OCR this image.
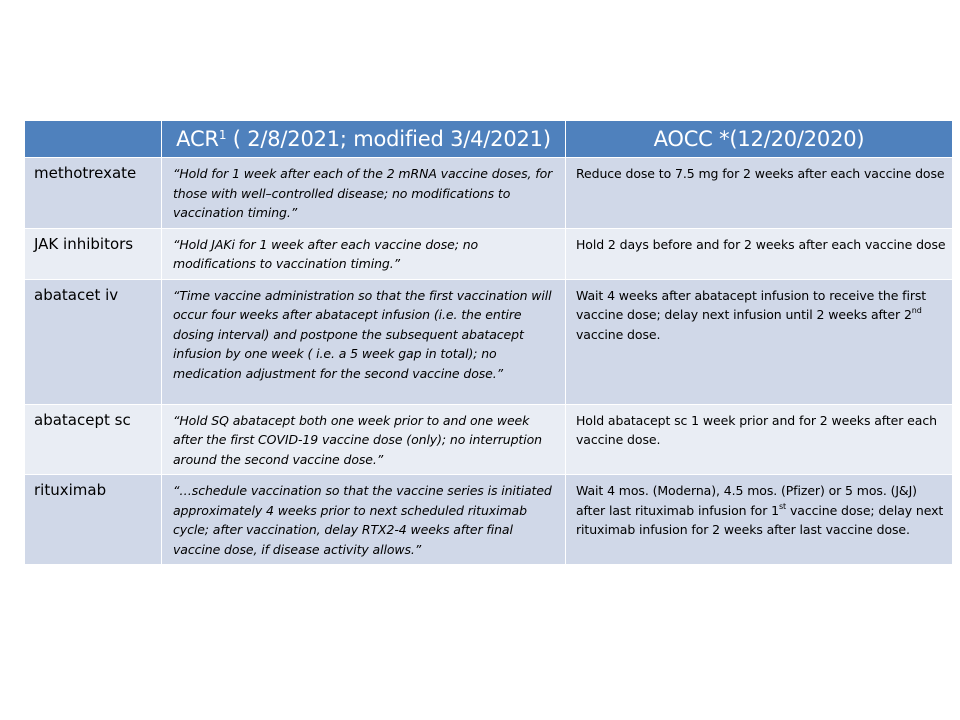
	ACR$^1$ ( 2/8/2021; modified 3/4/2021)	AOCC *(12/20/2020)
methotrexate	“Hold for 1 week after each of the 2 mRNA vaccine doses, for those with well–controlled disease; no modifications to vaccination timing.”	Reduce dose to 7.5 mg for 2 weeks after each vaccine dose
JAK inhibitors	“Hold JAKi for 1 week after each vaccine dose; no modifications to vaccination timing.”	Hold 2 days before and for 2 weeks after each vaccine dose
abatacet iv	“Time vaccine administration so that the first vaccination will occur four weeks after abatacept infusion (i.e. the entire dosing interval) and postpone the subsequent abatacept infusion by one week ( i.e. a 5 week gap in total); no medication adjustment for the second vaccine dose.”	Wait 4 weeks after abatacept infusion to receive the first vaccine dose; delay next infusion until 2 weeks after 2nd vaccine dose.
abatacept sc	“Hold SQ abatacept both one week prior to and one week after the first COVID-19 vaccine dose (only); no interruption around the second vaccine dose.”	Hold abatacept sc 1 week prior and for 2 weeks after each vaccine dose.
rituximab	“…schedule vaccination so that the vaccine series is initiated approximately 4 weeks prior to next scheduled rituximab cycle; after vaccination, delay RTX2-4 weeks after final vaccine dose, if disease activity allows.”	Wait 4 mos. (Moderna), 4.5 mos. (Pfizer) or 5 mos. (J&J) after last rituximab infusion for 1st vaccine dose; delay next rituximab infusion for 2 weeks after last vaccine dose.
